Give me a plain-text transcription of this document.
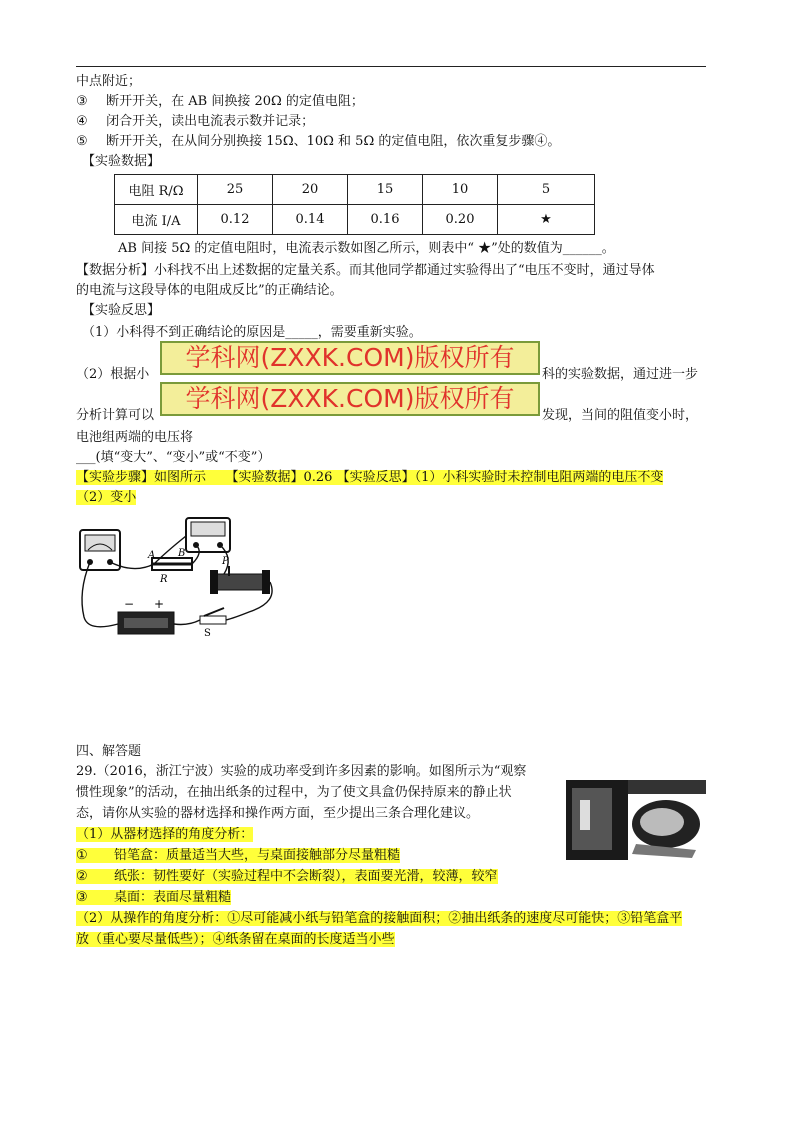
中点附近；
③ 断开开关，在 AB 间换接 20Ω 的定值电阻；
④ 闭合开关，读出电流表示数并记录；
⑤ 断开开关，在从间分别换接 15Ω、10Ω 和 5Ω 的定值电阻，依次重复步骤④。
【实验数据】
电阻 R/Ω	25	20	15	10	5
电流 I/A	0.12	0.14	0.16	0.20	★
AB 间接 5Ω 的定值电阻时，电流表示数如图乙所示，则表中“ ★”处的数值为______。
【数据分析】小科找不出上述数据的定量关系。而其他同学都通过实验得出了“电压不变时，通过导体
的电流与这段导体的电阻成反比”的正确结论。
【实验反思】
（1）小科得不到正确结论的原因是_____，需要重新实验。
（2）根据小	科的实验数据，通过进一步
分析计算可以	发现，当间的阻值变小时，
学科网(ZXXK.COM)版权所有
学科网(ZXXK.COM)版权所有
电池组两端的电压将
___(填“变大”、“变小”或“不变”）
【实验步骤】如图所示　　【实验数据】0.26 【实验反思】（1）小科实验时未控制电阻两端的电压不变
（2）变小
A B
R
P
S
− +
四、解答题
29.（2016，浙江宁波）实验的成功率受到许多因素的影响。如图所示为“观察
惯性现象”的活动，在抽出纸条的过程中，为了使文具盒仍保持原来的静止状
态，请你从实验的器材选择和操作两方面，至少提出三条合理化建议。
（1）从器材选择的角度分析：
① 铅笔盒：质量适当大些，与桌面接触部分尽量粗糙
② 纸张：韧性要好（实验过程中不会断裂），表面要光滑，较薄，较窄
③ 桌面：表面尽量粗糙
（2）从操作的角度分析：①尽可能减小纸与铅笔盒的接触面积；②抽出纸条的速度尽可能快；③铅笔盒平
放（重心要尽量低些）；④纸条留在桌面的长度适当小些
